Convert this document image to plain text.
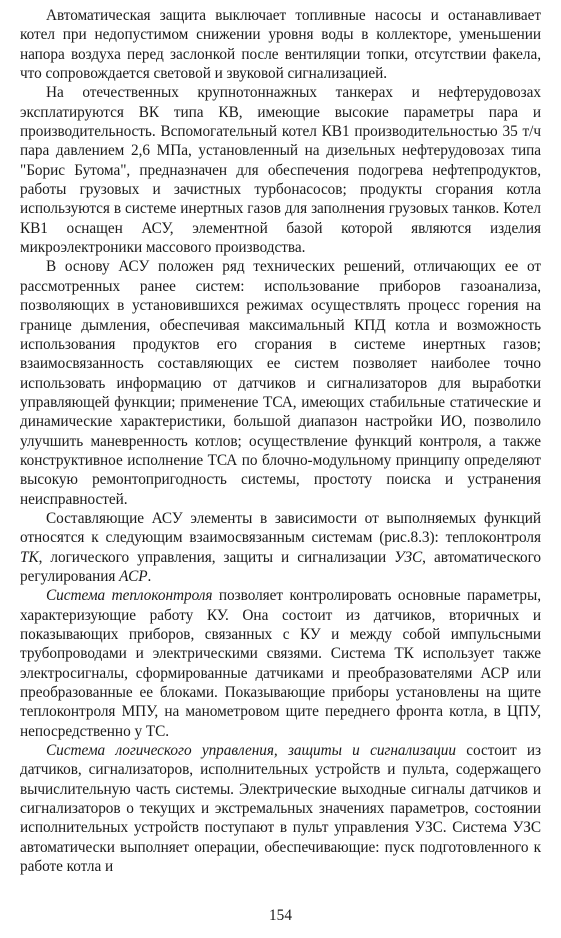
Автоматическая защита выключает топливные насосы и останавливает котел при недопустимом снижении уровня воды в коллекторе, уменьшении напора воздуха перед заслонкой после вентиляции топки, отсутствии факела, что сопровождается световой и звуковой сигнализацией.

На отечественных крупнотоннажных танкерах и нефтерудовозах эксплатируются ВК типа КВ, имеющие высокие параметры пара и производительность. Вспомогательный котел КВ1 производительностью 35 т/ч пара давлением 2,6 МПа, установленный на дизельных нефтерудовозах типа "Борис Бутома", предназначен для обеспечения подогрева нефтепродуктов, работы грузовых и зачистных турбонасосов; продукты сгорания котла используются в системе инертных газов для заполнения грузовых танков. Котел КВ1 оснащен АСУ, элементной базой которой являются изделия микроэлектроники массового производства.

В основу АСУ положен ряд технических решений, отличающих ее от рассмотренных ранее систем: использование приборов газоанализа, позволяющих в установившихся режимах осуществлять процесс горения на границе дымления, обеспечивая максимальный КПД котла и возможность использования продуктов его сгорания в системе инертных газов; взаимосвязанность составляющих ее систем позволяет наиболее точно использовать информацию от датчиков и сигнализаторов для выработки управляющей функции; применение ТСА, имеющих стабильные статические и динамические характеристики, большой диапазон настройки ИО, позволило улучшить маневренность котлов; осуществление функций контроля, а также конструктивное исполнение ТСА по блочно-модульному принципу определяют высокую ремонтопригодность системы, простоту поиска и устранения неисправностей.

Составляющие АСУ элементы в зависимости от выполняемых функций относятся к следующим взаимосвязанным системам (рис.8.3): теплоконтроля ТК, логического управления, защиты и сигнализации УЗС, автоматического регулирования АСР.

Система теплоконтроля позволяет контролировать основные параметры, характеризующие работу КУ. Она состоит из датчиков, вторичных и показывающих приборов, связанных с КУ и между собой импульсными трубопроводами и электрическими связями. Система ТК использует также электросигналы, сформированные датчиками и преобразователями АСР или преобразованные ее блоками. Показывающие приборы установлены на щите теплоконтроля МПУ, на манометровом щите переднего фронта котла, в ЦПУ, непосредственно у ТС.

Система логического управления, защиты и сигнализации состоит из датчиков, сигнализаторов, исполнительных устройств и пульта, содержащего вычислительную часть системы. Электрические выходные сигналы датчиков и сигнализаторов о текущих и экстремальных значениях параметров, состоянии исполнительных устройств поступают в пульт управления УЗС. Система УЗС автоматически выполняет операции, обеспечивающие: пуск подготовленного к работе котла и

154
